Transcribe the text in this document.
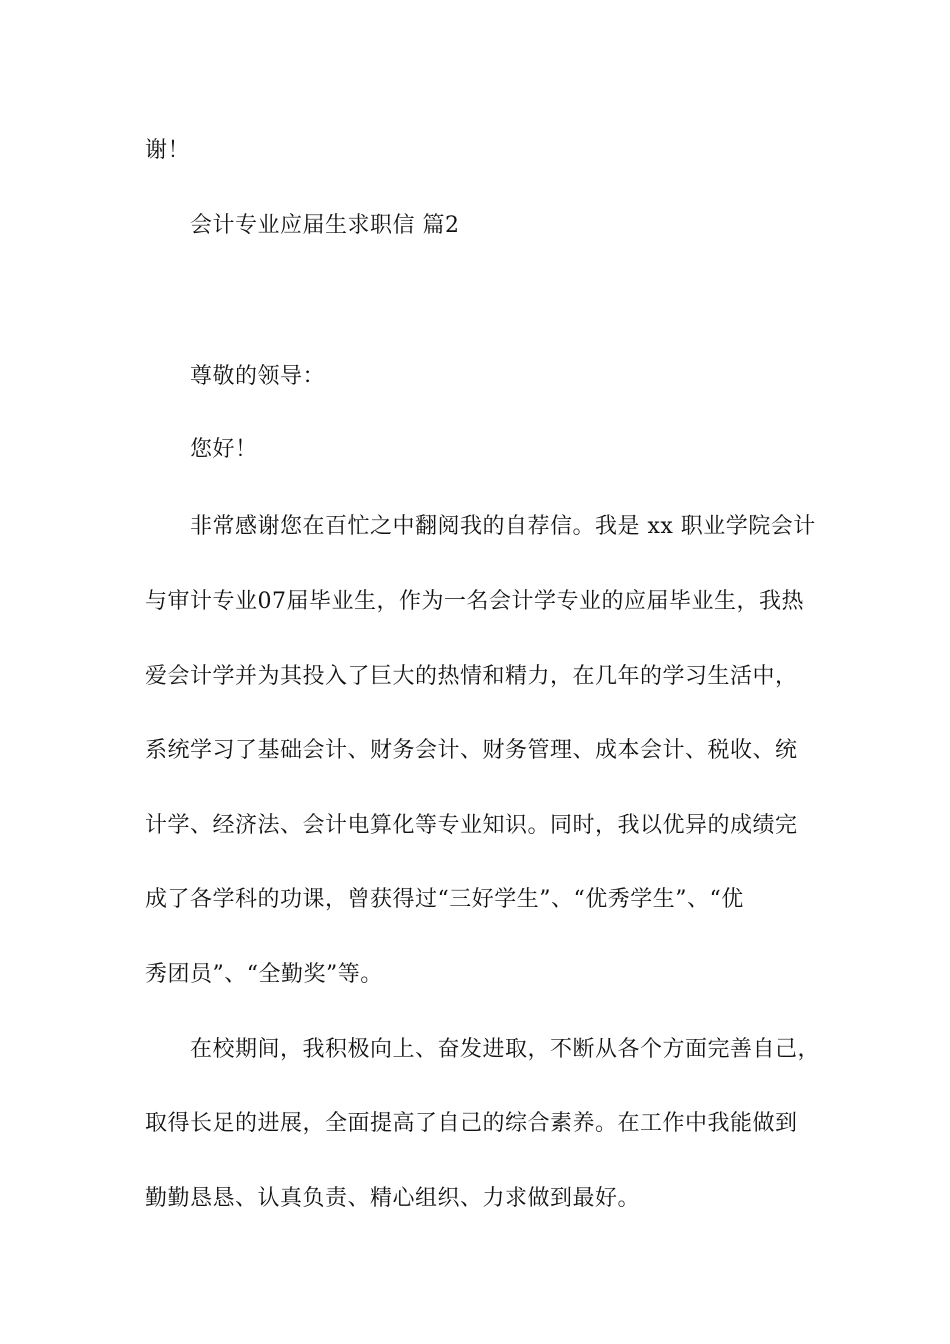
谢！
会计专业应届生求职信 篇2
尊敬的领导：
您好！
非常感谢您在百忙之中翻阅我的自荐信。我是 xx 职业学院会计
与审计专业07届毕业生，作为一名会计学专业的应届毕业生，我热
爱会计学并为其投入了巨大的热情和精力，在几年的学习生活中，
系统学习了基础会计、财务会计、财务管理、成本会计、税收、统
计学、经济法、会计电算化等专业知识。同时，我以优异的成绩完
成了各学科的功课，曾获得过“三好学生”、“优秀学生”、“优
秀团员”、“全勤奖”等。
在校期间，我积极向上、奋发进取，不断从各个方面完善自己，
取得长足的进展，全面提高了自己的综合素养。在工作中我能做到
勤勤恳恳、认真负责、精心组织、力求做到最好。
